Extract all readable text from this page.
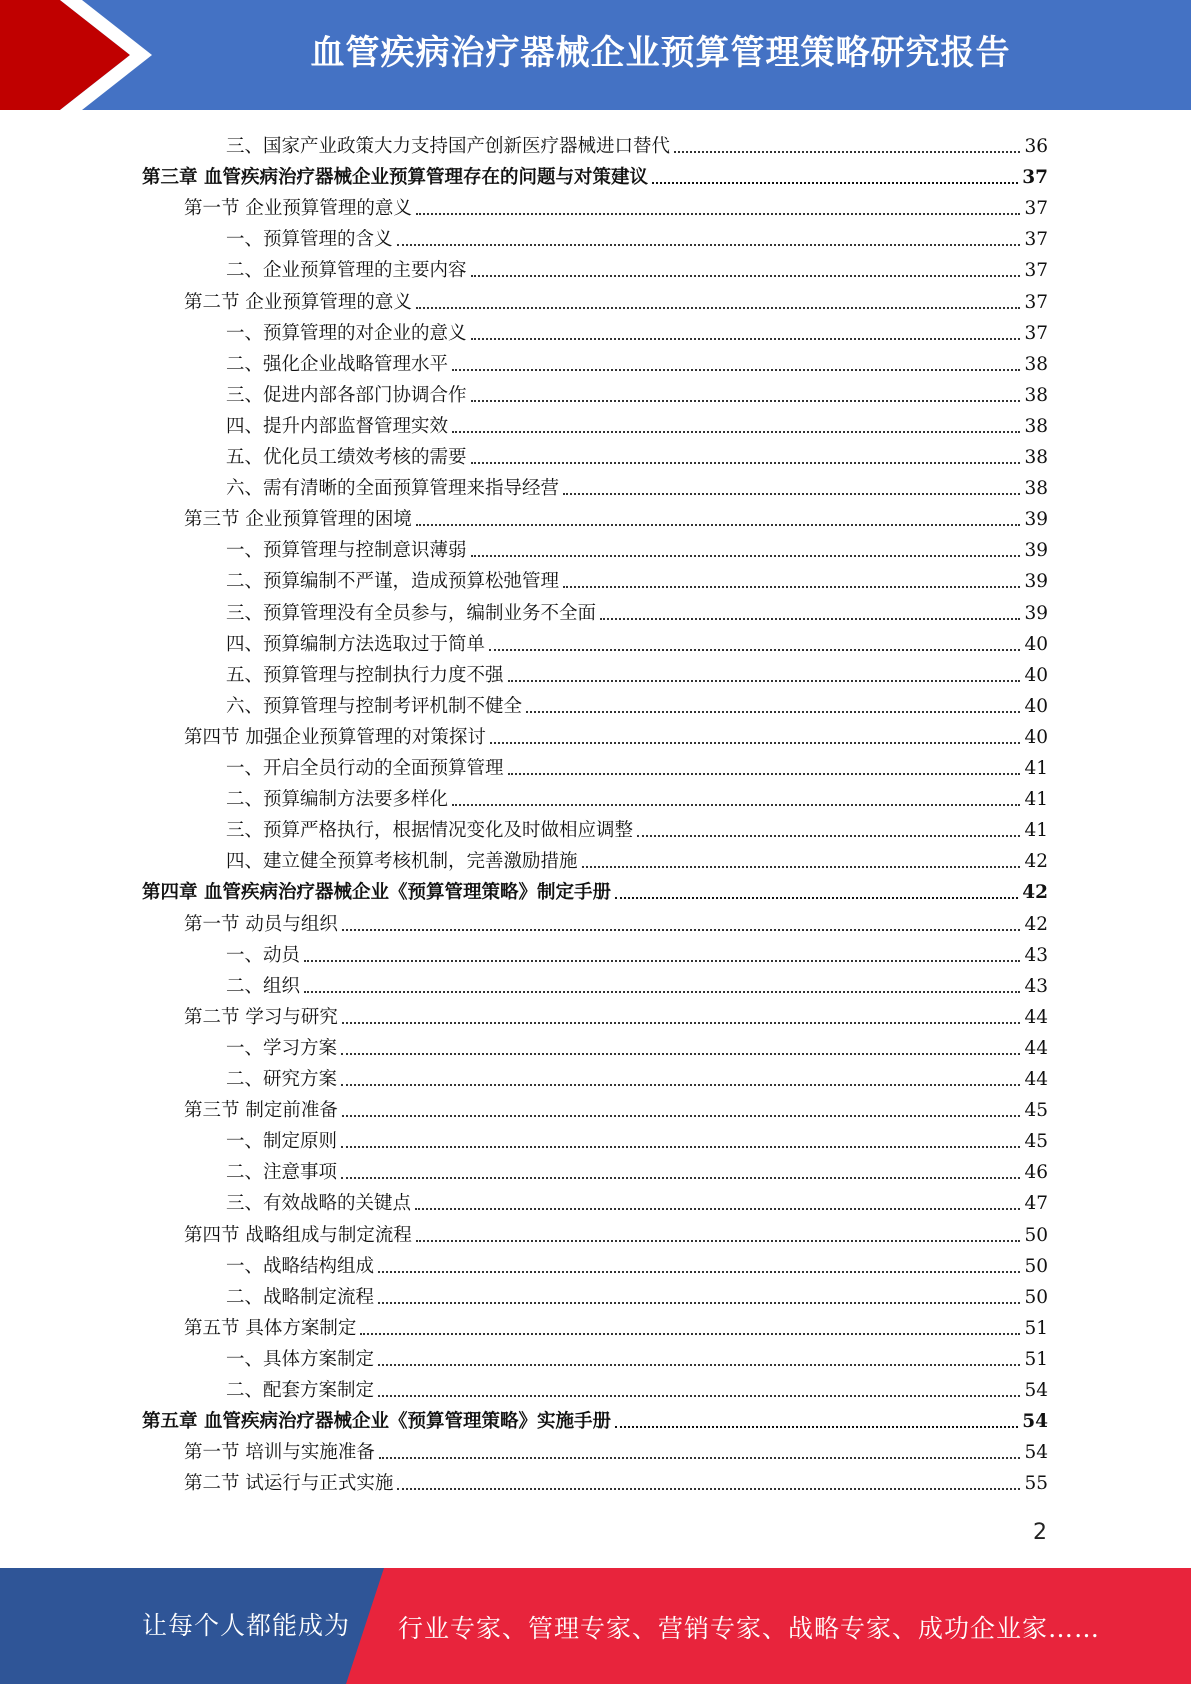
血管疾病治疗器械企业预算管理策略研究报告
三、国家产业政策大力支持国产创新医疗器械进口替代	36
第三章 血管疾病治疗器械企业预算管理存在的问题与对策建议	37
第一节 企业预算管理的意义	37
一、预算管理的含义	37
二、企业预算管理的主要内容	37
第二节 企业预算管理的意义	37
一、预算管理的对企业的意义	37
二、强化企业战略管理水平	38
三、促进内部各部门协调合作	38
四、提升内部监督管理实效	38
五、优化员工绩效考核的需要	38
六、需有清晰的全面预算管理来指导经营	38
第三节 企业预算管理的困境	39
一、预算管理与控制意识薄弱	39
二、预算编制不严谨，造成预算松弛管理	39
三、预算管理没有全员参与，编制业务不全面	39
四、预算编制方法选取过于简单	40
五、预算管理与控制执行力度不强	40
六、预算管理与控制考评机制不健全	40
第四节 加强企业预算管理的对策探讨	40
一、开启全员行动的全面预算管理	41
二、预算编制方法要多样化	41
三、预算严格执行，根据情况变化及时做相应调整	41
四、建立健全预算考核机制，完善激励措施	42
第四章 血管疾病治疗器械企业《预算管理策略》制定手册	42
第一节 动员与组织	42
一、动员	43
二、组织	43
第二节 学习与研究	44
一、学习方案	44
二、研究方案	44
第三节 制定前准备	45
一、制定原则	45
二、注意事项	46
三、有效战略的关键点	47
第四节 战略组成与制定流程	50
一、战略结构组成	50
二、战略制定流程	50
第五节 具体方案制定	51
一、具体方案制定	51
二、配套方案制定	54
第五章 血管疾病治疗器械企业《预算管理策略》实施手册	54
第一节 培训与实施准备	54
第二节 试运行与正式实施	55
2
让每个人都能成为 行业专家、管理专家、营销专家、战略专家、成功企业家……
